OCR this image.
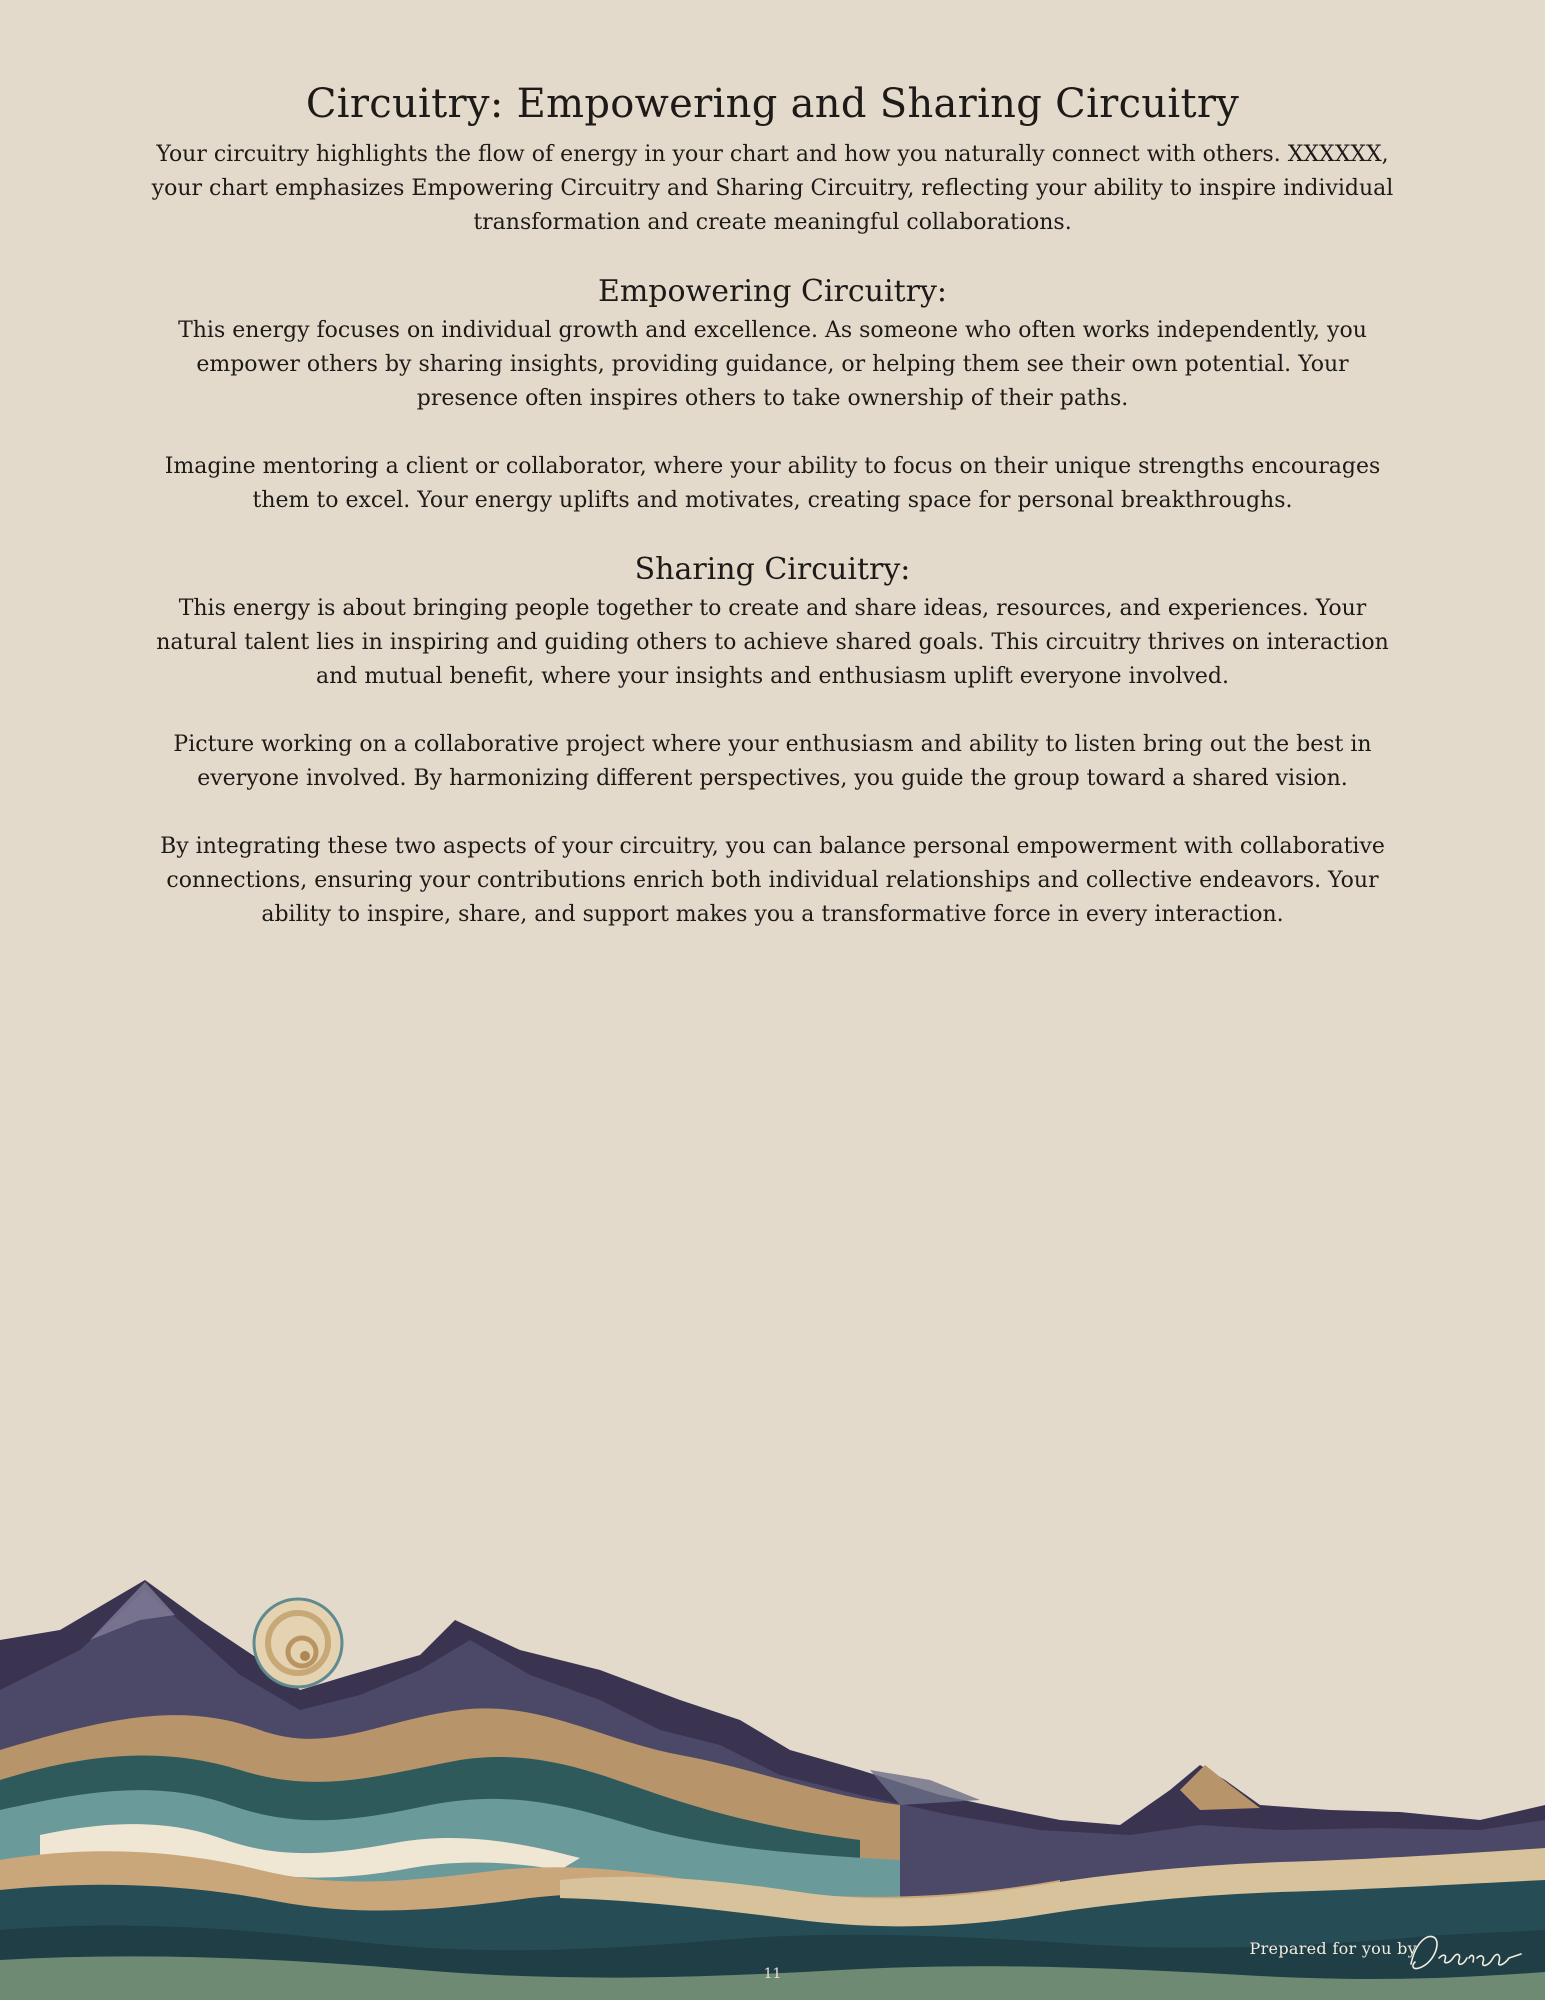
Circuitry: Empowering and Sharing Circuitry

Your circuitry highlights the flow of energy in your chart and how you naturally connect with others. XXXXXX, your chart emphasizes Empowering Circuitry and Sharing Circuitry, reflecting your ability to inspire individual transformation and create meaningful collaborations.

Empowering Circuitry:

This energy focuses on individual growth and excellence. As someone who often works independently, you empower others by sharing insights, providing guidance, or helping them see their own potential. Your presence often inspires others to take ownership of their paths.

Imagine mentoring a client or collaborator, where your ability to focus on their unique strengths encourages them to excel. Your energy uplifts and motivates, creating space for personal breakthroughs.

Sharing Circuitry:

This energy is about bringing people together to create and share ideas, resources, and experiences. Your natural talent lies in inspiring and guiding others to achieve shared goals. This circuitry thrives on interaction and mutual benefit, where your insights and enthusiasm uplift everyone involved.

Picture working on a collaborative project where your enthusiasm and ability to listen bring out the best in everyone involved. By harmonizing different perspectives, you guide the group toward a shared vision.

By integrating these two aspects of your circuitry, you can balance personal empowerment with collaborative connections, ensuring your contributions enrich both individual relationships and collective endeavors. Your ability to inspire, share, and support makes you a transformative force in every interaction.

Prepared for you by
11
